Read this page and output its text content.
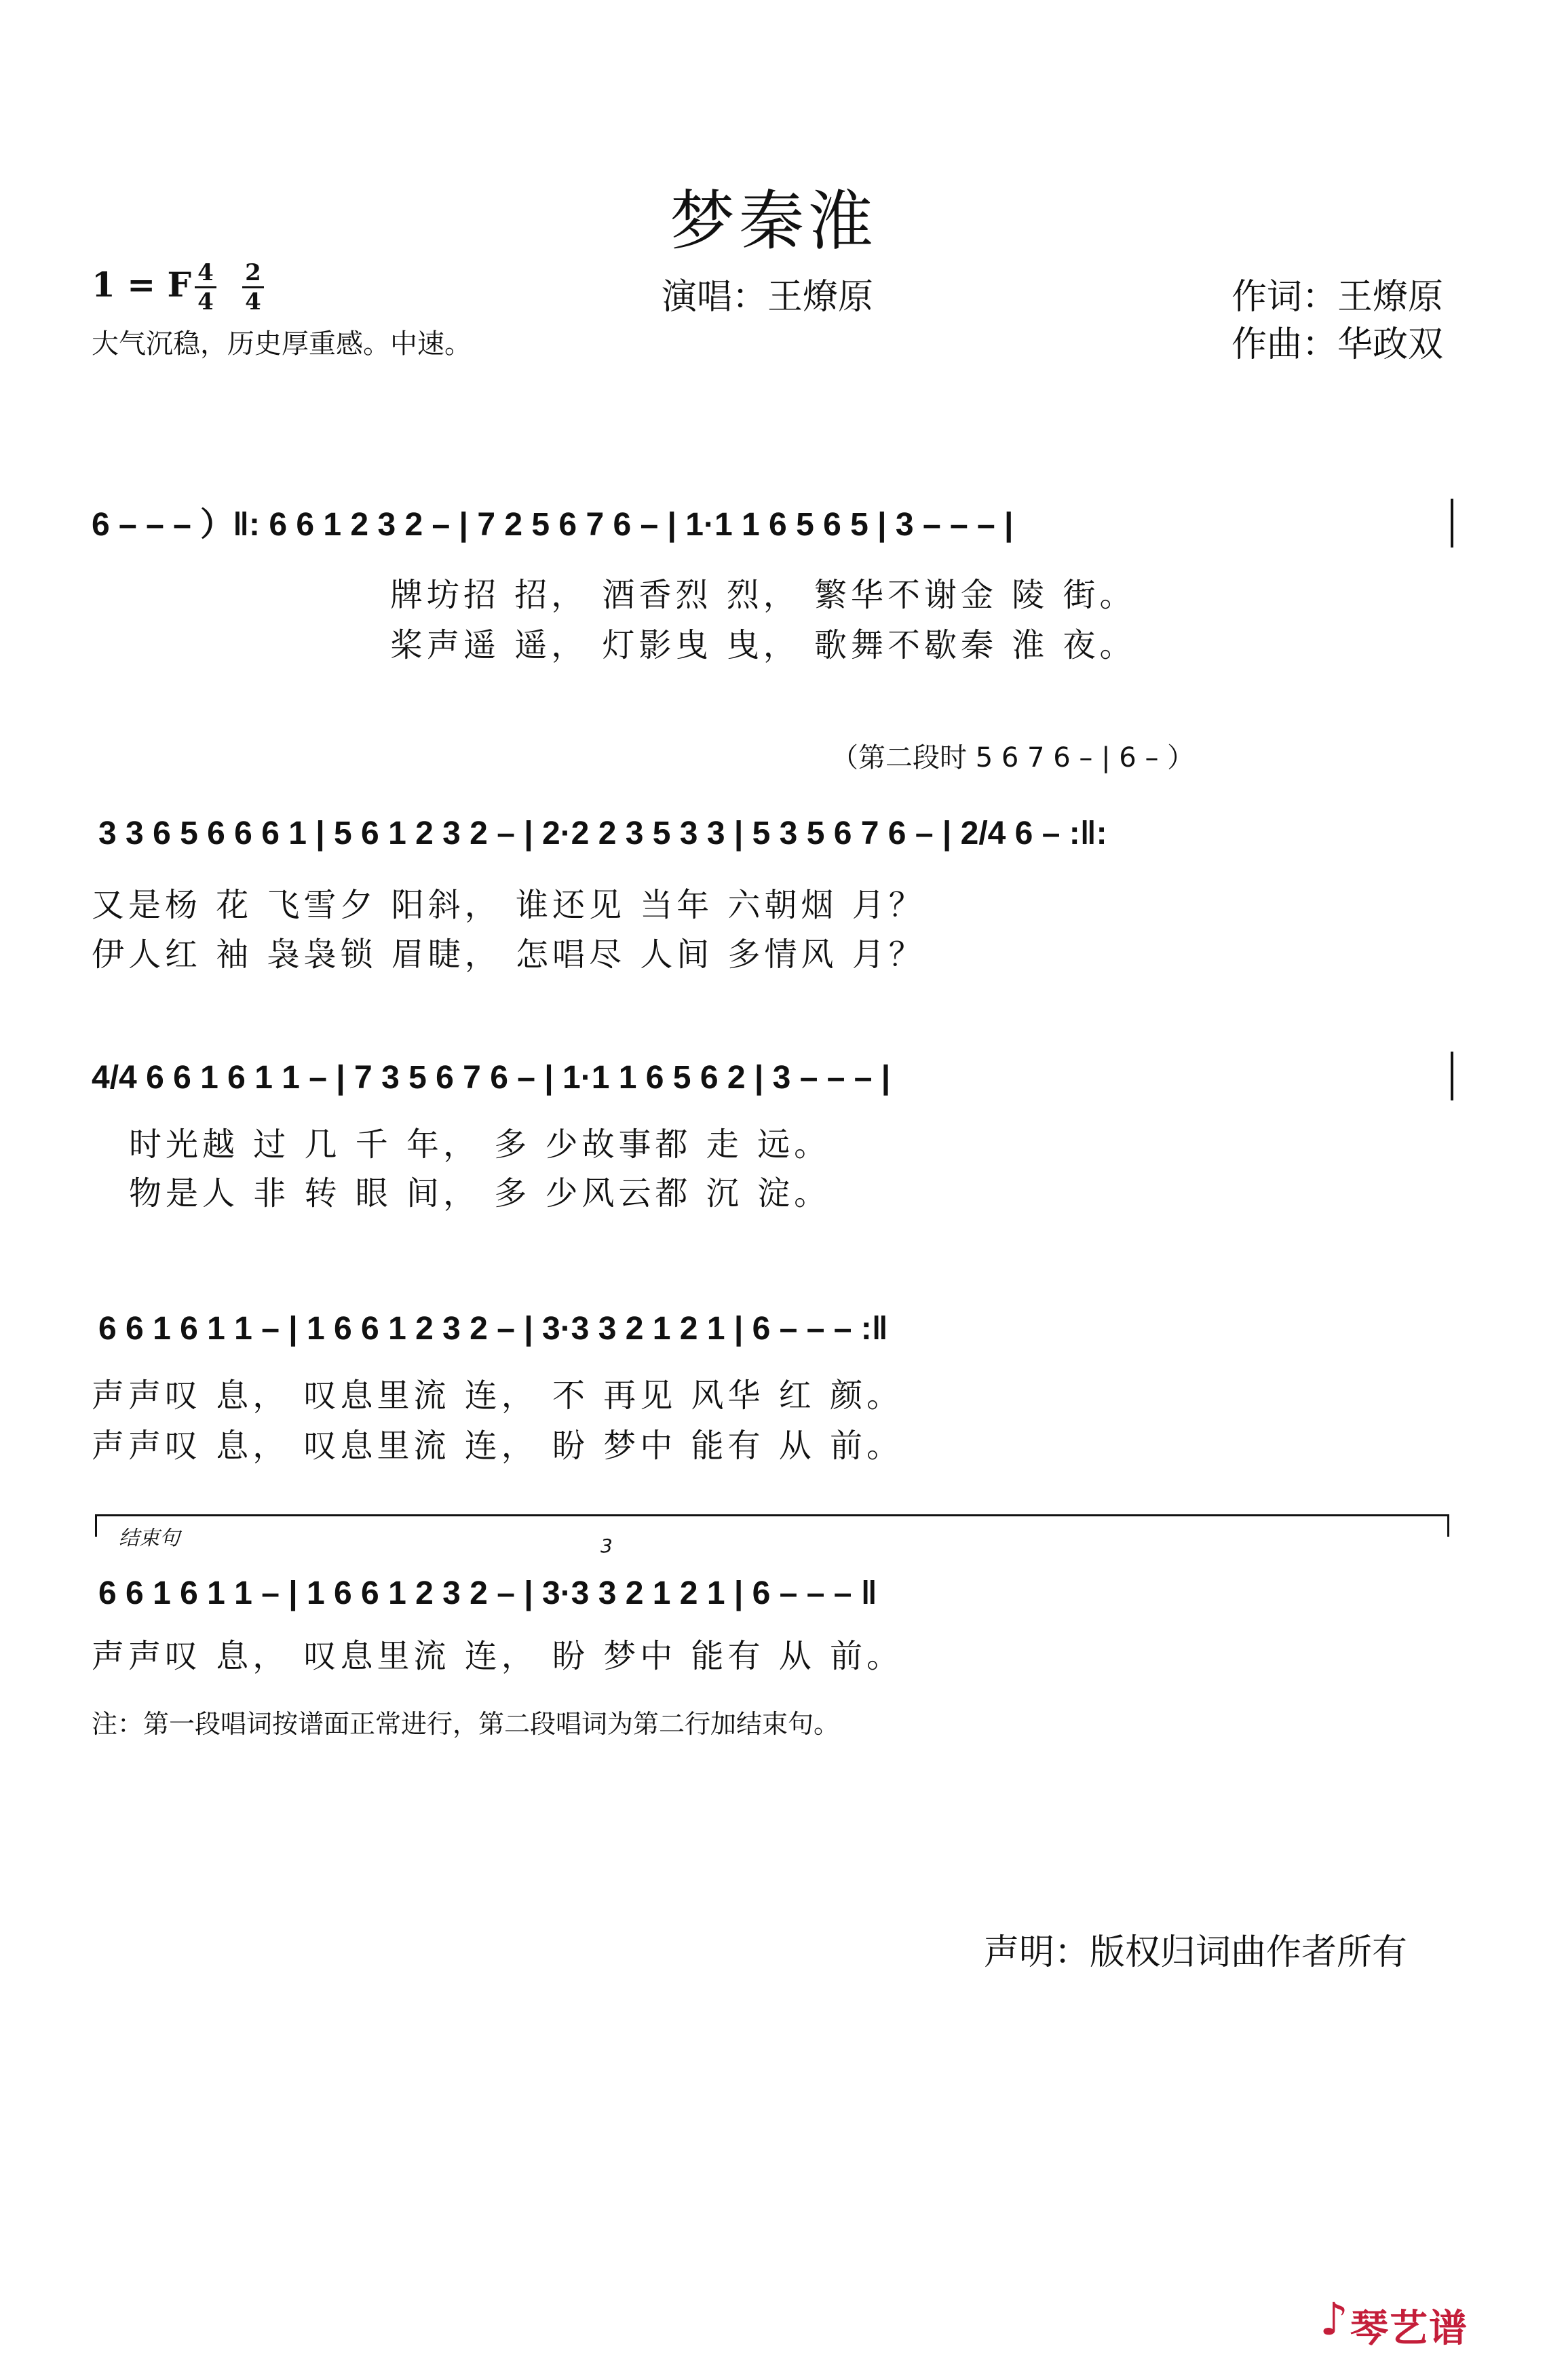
梦秦淮
1 = F 4
4
2
4
大气沉稳，历史厚重感。中速。
演唱：王燎原	作词：王燎原
作曲：华政双
6 – – – ）‖: 6 6 1 2 3 2 – | 7 2 5 6 7 6 – | 1·1 1 6 5 6 5 | 3 – – – |
牌坊招 招， 酒香烈 烈， 繁华不谢金 陵 街。
桨声遥 遥， 灯影曳 曳， 歌舞不歇秦 淮 夜。
（第二段时 5 6 7 6 – | 6 – ）
3 3 6 5 6 6 6 1 | 5 6 1 2 3 2 – | 2·2 2 3 5 3 3 | 5 3 5 6 7 6 – | 2/4 6 – :‖:
又是杨 花 飞雪夕 阳斜， 谁还见 当年 六朝烟 月？
伊人红 袖 袅袅锁 眉睫， 怎唱尽 人间 多情风 月？
4/4 6 6 1 6 1 1 – | 7 3 5 6 7 6 – | 1·1 1 6 5 6 2 | 3 – – – |
时光越 过 几 千 年， 多 少故事都 走 远。
物是人 非 转 眼 间， 多 少风云都 沉 淀。
6 6 1 6 1 1 – | 1 6 6 1 2 3 2 – | 3·3 3 2 1 2 1 | 6 – – – :‖
声声叹 息， 叹息里流 连， 不 再见 风华 红 颜。
声声叹 息， 叹息里流 连， 盼 梦中 能有 从 前。
结束句	3
6 6 1 6 1 1 – | 1 6 6 1 2 3 2 – | 3·3 3 2 1 2 1 | 6 – – – ‖
声声叹 息， 叹息里流 连， 盼 梦中 能有 从 前。
注：第一段唱词按谱面正常进行，第二段唱词为第二行加结束句。
声明：版权归词曲作者所有
♪ 琴艺谱
